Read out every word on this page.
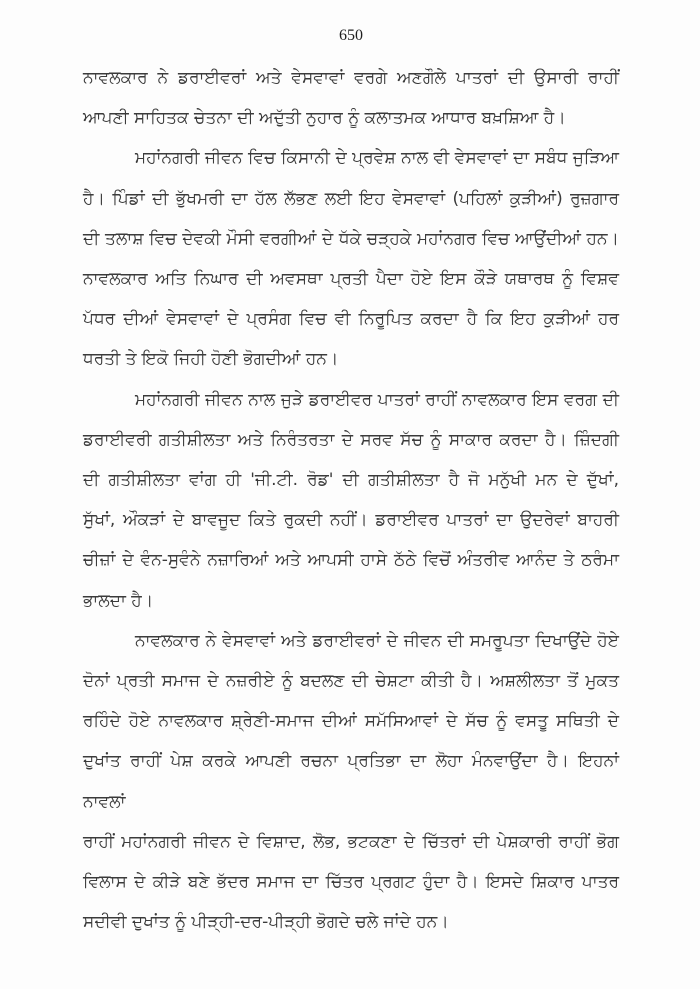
650
ਨਾਵਲਕਾਰ ਨੇ ਡਰਾਈਵਰਾਂ ਅਤੇ ਵੇਸਵਾਵਾਂ ਵਰਗੇ ਅਣਗੌਲੇ ਪਾਤਰਾਂ ਦੀ ਉਸਾਰੀ ਰਾਹੀਂ
ਆਪਣੀ ਸਾਹਿਤਕ ਚੇਤਨਾ ਦੀ ਅਦੁੱਤੀ ਨੁਹਾਰ ਨੂੰ ਕਲਾਤਮਕ ਆਧਾਰ ਬਖ਼ਸ਼ਿਆ ਹੈ।
ਮਹਾਂਨਗਰੀ ਜੀਵਨ ਵਿਚ ਕਿਸਾਨੀ ਦੇ ਪ੍ਰਵੇਸ਼ ਨਾਲ ਵੀ ਵੇਸਵਾਵਾਂ ਦਾ ਸਬੰਧ ਜੁੜਿਆ
ਹੈ। ਪਿੰਡਾਂ ਦੀ ਭੁੱਖਮਰੀ ਦਾ ਹੱਲ ਲੱਭਣ ਲਈ ਇਹ ਵੇਸਵਾਵਾਂ (ਪਹਿਲਾਂ ਕੁੜੀਆਂ) ਰੁਜ਼ਗਾਰ
ਦੀ ਤਲਾਸ਼ ਵਿਚ ਦੇਵਕੀ ਮੌਸੀ ਵਰਗੀਆਂ ਦੇ ਧੱਕੇ ਚੜ੍ਹਕੇ ਮਹਾਂਨਗਰ ਵਿਚ ਆਉਂਦੀਆਂ ਹਨ।
ਨਾਵਲਕਾਰ ਅਤਿ ਨਿਘਾਰ ਦੀ ਅਵਸਥਾ ਪ੍ਰਤੀ ਪੈਦਾ ਹੋਏ ਇਸ ਕੌੜੇ ਯਥਾਰਥ ਨੂੰ ਵਿਸ਼ਵ
ਪੱਧਰ ਦੀਆਂ ਵੇਸਵਾਵਾਂ ਦੇ ਪ੍ਰਸੰਗ ਵਿਚ ਵੀ ਨਿਰੂਪਿਤ ਕਰਦਾ ਹੈ ਕਿ ਇਹ ਕੁੜੀਆਂ ਹਰ
ਧਰਤੀ ਤੇ ਇਕੋ ਜਿਹੀ ਹੋਣੀ ਭੋਗਦੀਆਂ ਹਨ।
ਮਹਾਂਨਗਰੀ ਜੀਵਨ ਨਾਲ ਜੁੜੇ ਡਰਾਈਵਰ ਪਾਤਰਾਂ ਰਾਹੀਂ ਨਾਵਲਕਾਰ ਇਸ ਵਰਗ ਦੀ
ਡਰਾਈਵਰੀ ਗਤੀਸ਼ੀਲਤਾ ਅਤੇ ਨਿਰੰਤਰਤਾ ਦੇ ਸਰਵ ਸੱਚ ਨੂੰ ਸਾਕਾਰ ਕਰਦਾ ਹੈ। ਜ਼ਿੰਦਗੀ
ਦੀ ਗਤੀਸ਼ੀਲਤਾ ਵਾਂਗ ਹੀ 'ਜੀ.ਟੀ. ਰੋਡ' ਦੀ ਗਤੀਸ਼ੀਲਤਾ ਹੈ ਜੋ ਮਨੁੱਖੀ ਮਨ ਦੇ ਦੁੱਖਾਂ,
ਸੁੱਖਾਂ, ਔਕੜਾਂ ਦੇ ਬਾਵਜੂਦ ਕਿਤੇ ਰੁਕਦੀ ਨਹੀਂ। ਡਰਾਈਵਰ ਪਾਤਰਾਂ ਦਾ ਉਦਰੇਵਾਂ ਬਾਹਰੀ
ਚੀਜ਼ਾਂ ਦੇ ਵੰਨ-ਸੁਵੰਨੇ ਨਜ਼ਾਰਿਆਂ ਅਤੇ ਆਪਸੀ ਹਾਸੇ ਠੱਠੇ ਵਿਚੋਂ ਅੰਤਰੀਵ ਆਨੰਦ ਤੇ ਠਰੰਮਾ
ਭਾਲਦਾ ਹੈ।
ਨਾਵਲਕਾਰ ਨੇ ਵੇਸਵਾਵਾਂ ਅਤੇ ਡਰਾਈਵਰਾਂ ਦੇ ਜੀਵਨ ਦੀ ਸਮਰੂਪਤਾ ਦਿਖਾਉਂਦੇ ਹੋਏ
ਦੋਨਾਂ ਪ੍ਰਤੀ ਸਮਾਜ ਦੇ ਨਜ਼ਰੀਏ ਨੂੰ ਬਦਲਣ ਦੀ ਚੇਸ਼ਟਾ ਕੀਤੀ ਹੈ। ਅਸ਼ਲੀਲਤਾ ਤੋਂ ਮੁਕਤ
ਰਹਿੰਦੇ ਹੋਏ ਨਾਵਲਕਾਰ ਸ਼੍ਰੇਣੀ-ਸਮਾਜ ਦੀਆਂ ਸਮੱਸਿਆਵਾਂ ਦੇ ਸੱਚ ਨੂੰ ਵਸਤੂ ਸਥਿਤੀ ਦੇ
ਦੁਖਾਂਤ ਰਾਹੀਂ ਪੇਸ਼ ਕਰਕੇ ਆਪਣੀ ਰਚਨਾ ਪ੍ਰਤਿਭਾ ਦਾ ਲੋਹਾ ਮੰਨਵਾਉਂਦਾ ਹੈ। ਇਹਨਾਂ ਨਾਵਲਾਂ
ਰਾਹੀਂ ਮਹਾਂਨਗਰੀ ਜੀਵਨ ਦੇ ਵਿਸ਼ਾਦ, ਲੋਭ, ਭਟਕਣਾ ਦੇ ਚਿੱਤਰਾਂ ਦੀ ਪੇਸ਼ਕਾਰੀ ਰਾਹੀਂ ਭੋਗ
ਵਿਲਾਸ ਦੇ ਕੀੜੇ ਬਣੇ ਭੱਦਰ ਸਮਾਜ ਦਾ ਚਿੱਤਰ ਪ੍ਰਗਟ ਹੁੰਦਾ ਹੈ। ਇਸਦੇ ਸ਼ਿਕਾਰ ਪਾਤਰ
ਸਦੀਵੀ ਦੁਖਾਂਤ ਨੂੰ ਪੀੜ੍ਹੀ-ਦਰ-ਪੀੜ੍ਹੀ ਭੋਗਦੇ ਚਲੇ ਜਾਂਦੇ ਹਨ।
